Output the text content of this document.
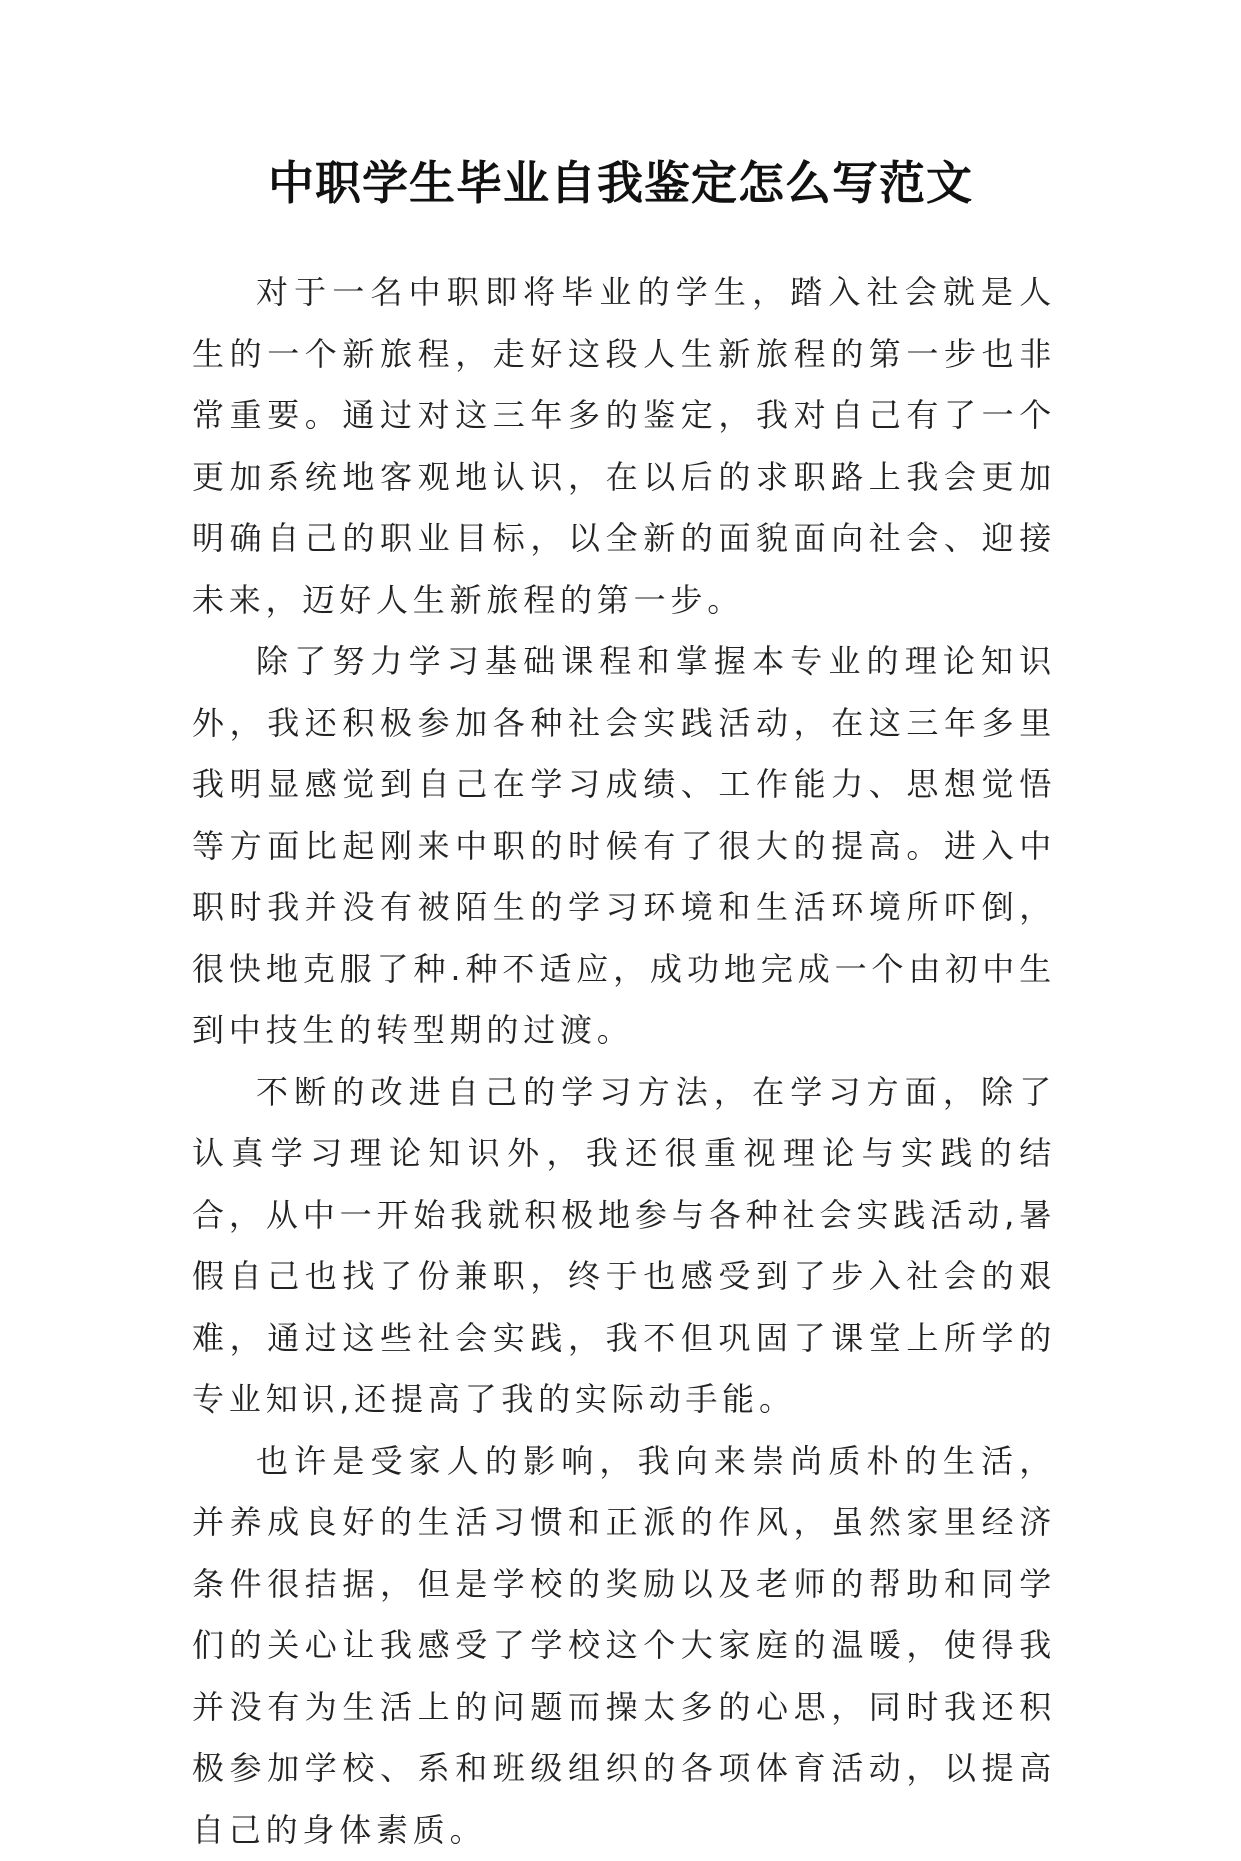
中职学生毕业自我鉴定怎么写范文

对于一名中职即将毕业的学生，踏入社会就是人生的一个新旅程，走好这段人生新旅程的第一步也非常重要。通过对这三年多的鉴定，我对自己有了一个更加系统地客观地认识，在以后的求职路上我会更加明确自己的职业目标，以全新的面貌面向社会、迎接未来，迈好人生新旅程的第一步。

除了努力学习基础课程和掌握本专业的理论知识外，我还积极参加各种社会实践活动，在这三年多里我明显感觉到自己在学习成绩、工作能力、思想觉悟等方面比起刚来中职的时候有了很大的提高。进入中职时我并没有被陌生的学习环境和生活环境所吓倒，很快地克服了种.种不适应，成功地完成一个由初中生到中技生的转型期的过渡。

不断的改进自己的学习方法，在学习方面，除了认真学习理论知识外，我还很重视理论与实践的结合，从中一开始我就积极地参与各种社会实践活动,暑假自己也找了份兼职，终于也感受到了步入社会的艰难，通过这些社会实践，我不但巩固了课堂上所学的专业知识,还提高了我的实际动手能。

也许是受家人的影响，我向来崇尚质朴的生活，并养成良好的生活习惯和正派的作风，虽然家里经济条件很拮据，但是学校的奖励以及老师的帮助和同学们的关心让我感受了学校这个大家庭的温暖，使得我并没有为生活上的问题而操太多的心思，同时我还积极参加学校、系和班级组织的各项体育活动，以提高自己的身体素质。
